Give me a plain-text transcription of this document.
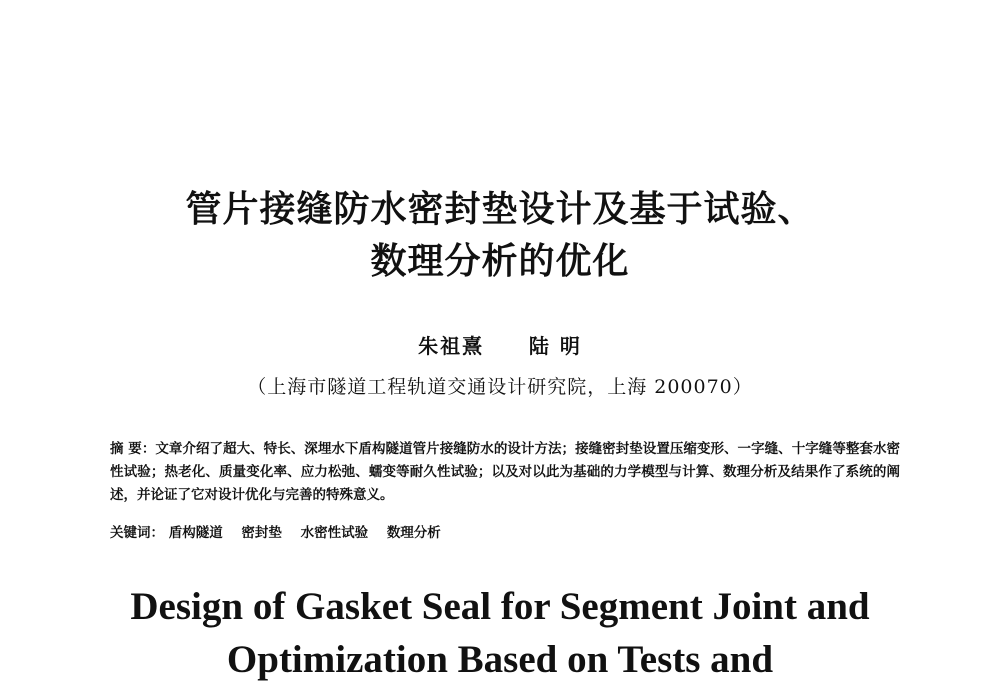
管片接缝防水密封垫设计及基于试验、
数理分析的优化
朱祖熹 陆 明
（上海市隧道工程轨道交通设计研究院，上海 200070）
摘 要：文章介绍了超大、特长、深埋水下盾构隧道管片接缝防水的设计方法；接缝密封垫设置压缩变形、一字缝、十字缝等整套水密性试验；热老化、质量变化率、应力松弛、蠕变等耐久性试验；以及对以此为基础的力学模型与计算、数理分析及结果作了系统的阐述，并论证了它对设计优化与完善的特殊意义。
关键词： 盾构隧道 密封垫 水密性试验 数理分析
Design of Gasket Seal for Segment Joint and
Optimization Based on Tests and
